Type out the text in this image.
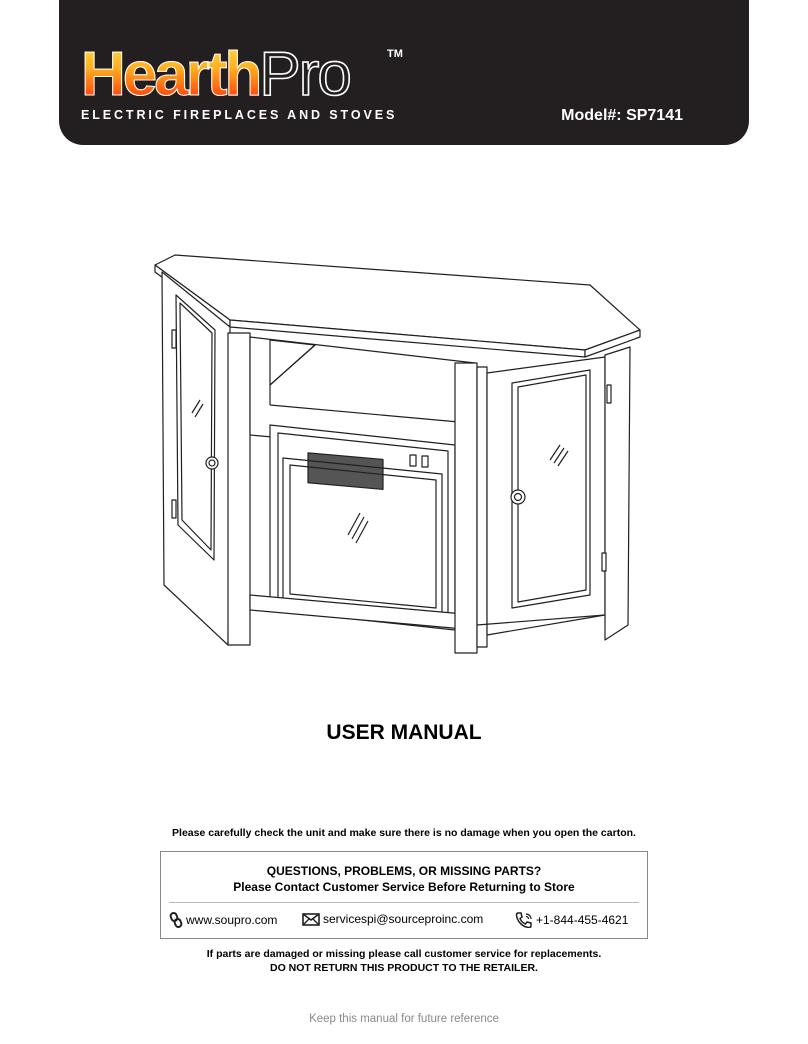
HearthPro	TM
ELECTRIC FIREPLACES AND STOVES	Model#: SP7141
USER MANUAL
Please carefully check the unit and make sure there is no damage when you open the carton.
QUESTIONS, PROBLEMS, OR MISSING PARTS?
Please Contact Customer Service Before Returning to Store
www.soupro.com	servicespi@sourceproinc.com	+1-844-455-4621
If parts are damaged or missing please call customer service for replacements.
DO NOT RETURN THIS PRODUCT TO THE RETAILER.
Keep this manual for future reference
